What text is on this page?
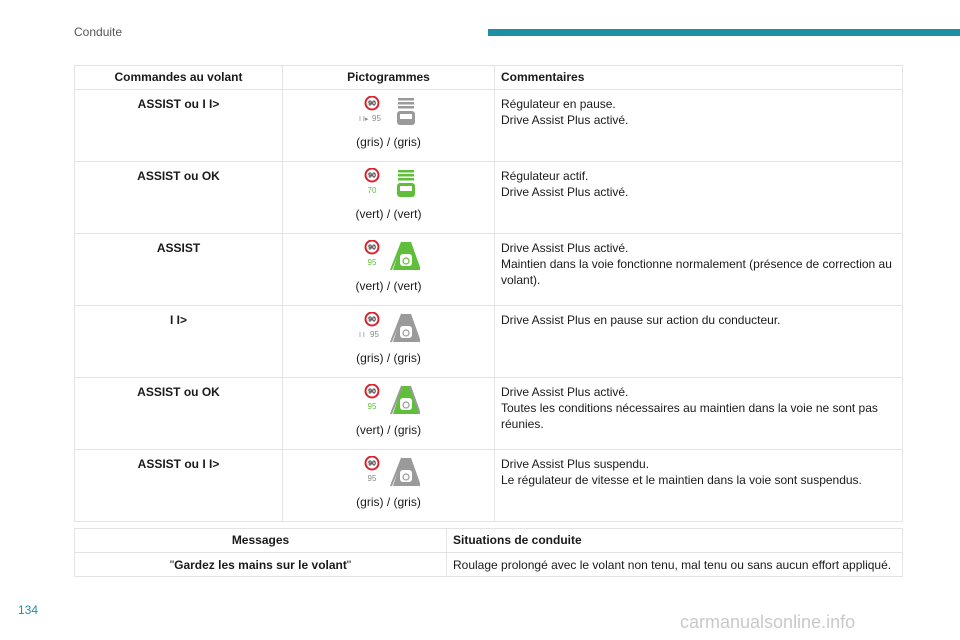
Conduite
Commandes au volant	Pictogrammes	Commentaires
ASSIST ou I I>	90
I I▸ 95
(gris) / (gris)	Régulateur en pause.
Drive Assist Plus activé.

ASSIST ou OK	90
70
(vert) / (vert)	Régulateur actif.
Drive Assist Plus activé.

ASSIST	90
95
(vert) / (vert)	Drive Assist Plus activé.
Maintien dans la voie fonctionne normalement (présence de correction au volant).

I I>	90
I I 95
(gris) / (gris)	Drive Assist Plus en pause sur action du conducteur.

ASSIST ou OK	90
95
(vert) / (gris)	Drive Assist Plus activé.
Toutes les conditions nécessaires au maintien dans la voie ne sont pas réunies.

ASSIST ou I I>	90
95
(gris) / (gris)	Drive Assist Plus suspendu.
Le régulateur de vitesse et le maintien dans la voie sont suspendus.
Messages	Situations de conduite
"Gardez les mains sur le volant"	Roulage prolongé avec le volant non tenu, mal tenu ou sans aucun effort appliqué.
134
carmanualsonline.info
